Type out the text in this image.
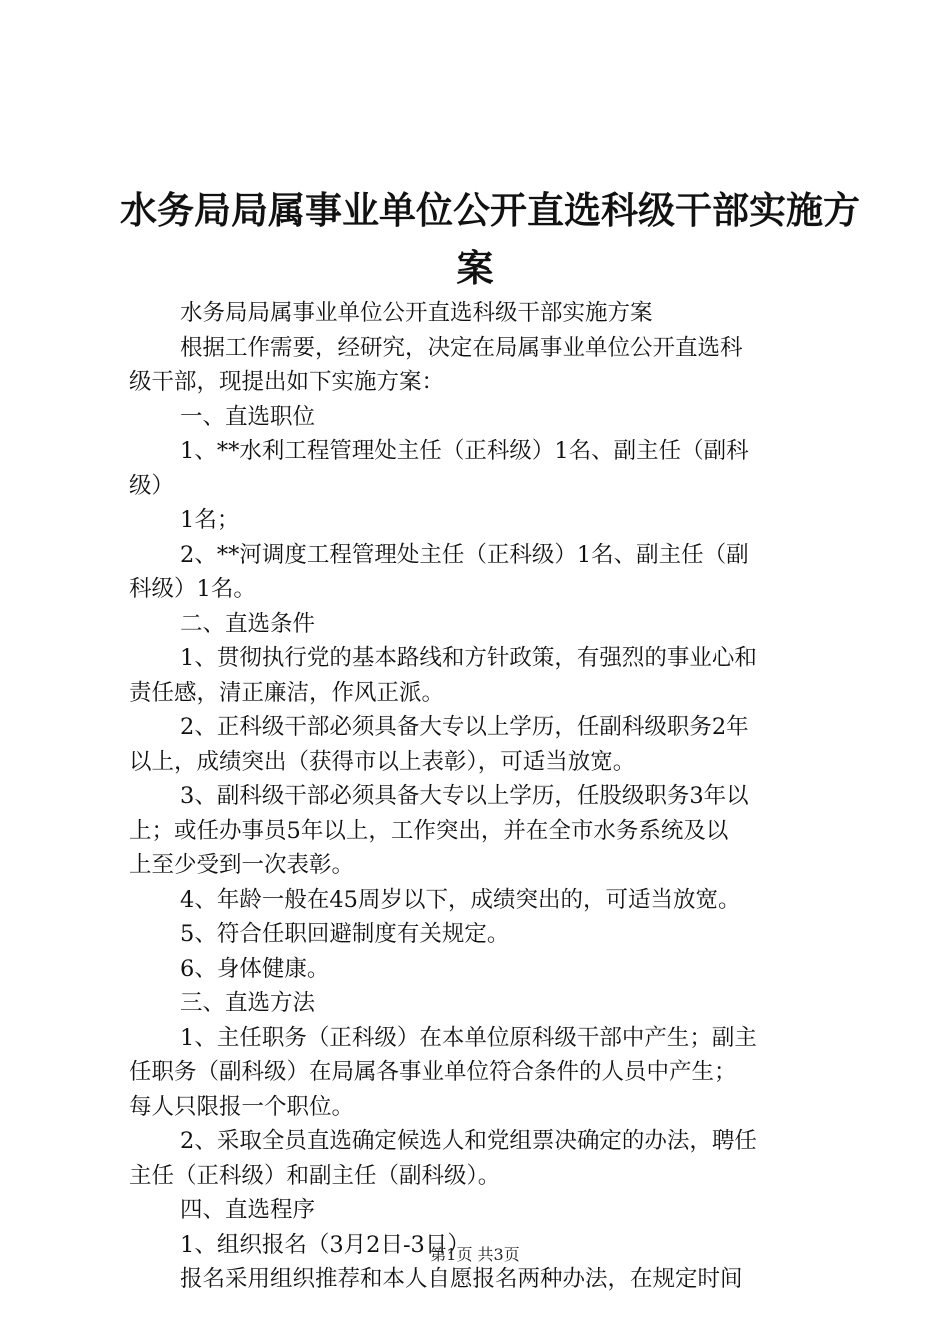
水务局局属事业单位公开直选科级干部实施方
案
水务局局属事业单位公开直选科级干部实施方案
根据工作需要，经研究，决定在局属事业单位公开直选科
级干部，现提出如下实施方案：
一、直选职位
1、**水利工程管理处主任（正科级）1名、副主任（副科
级）
1名；
2、**河调度工程管理处主任（正科级）1名、副主任（副
科级）1名。
二、直选条件
1、贯彻执行党的基本路线和方针政策，有强烈的事业心和
责任感，清正廉洁，作风正派。
2、正科级干部必须具备大专以上学历，任副科级职务2年
以上，成绩突出（获得市以上表彰），可适当放宽。
3、副科级干部必须具备大专以上学历，任股级职务3年以
上；或任办事员5年以上，工作突出，并在全市水务系统及以
上至少受到一次表彰。
4、年龄一般在45周岁以下，成绩突出的，可适当放宽。
5、符合任职回避制度有关规定。
6、身体健康。
三、直选方法
1、主任职务（正科级）在本单位原科级干部中产生；副主
任职务（副科级）在局属各事业单位符合条件的人员中产生；
每人只限报一个职位。
2、采取全员直选确定候选人和党组票决确定的办法，聘任
主任（正科级）和副主任（副科级）。
四、直选程序
1、组织报名（3月2日-3日）
报名采用组织推荐和本人自愿报名两种办法，在规定时间
第1页 共3页
